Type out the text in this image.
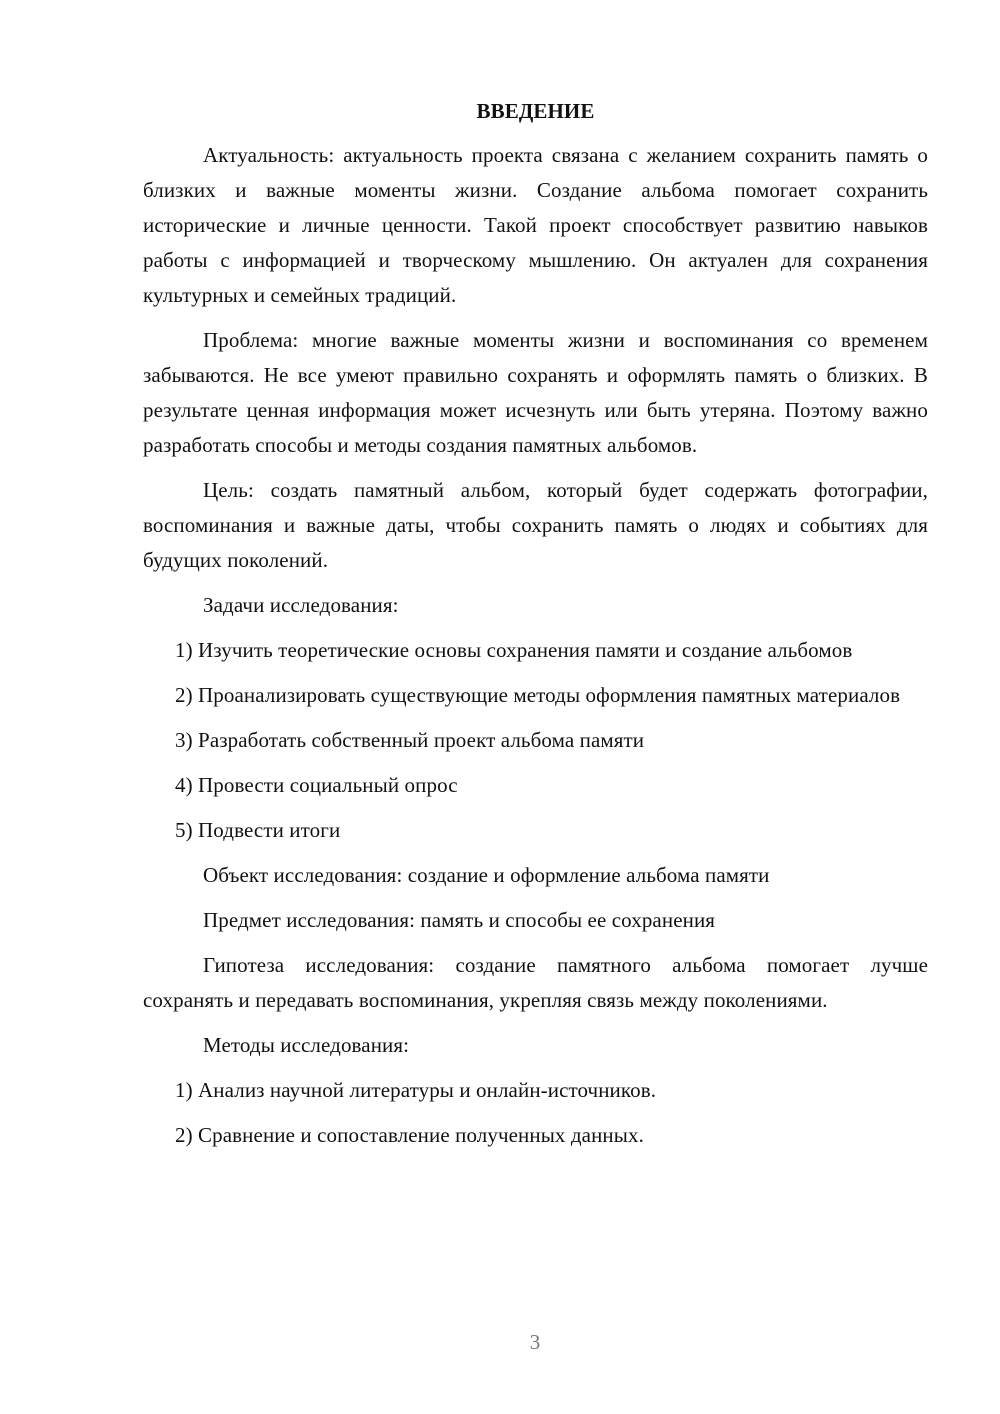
ВВЕДЕНИЕ

Актуальность: актуальность проекта связана с желанием сохранить память о близких и важные моменты жизни. Создание альбома помогает сохранить исторические и личные ценности. Такой проект способствует развитию навыков работы с информацией и творческому мышлению. Он актуален для сохранения культурных и семейных традиций.

Проблема: многие важные моменты жизни и воспоминания со временем забываются. Не все умеют правильно сохранять и оформлять память о близких. В результате ценная информация может исчезнуть или быть утеряна. Поэтому важно разработать способы и методы создания памятных альбомов.

Цель: создать памятный альбом, который будет содержать фотографии, воспоминания и важные даты, чтобы сохранить память о людях и событиях для будущих поколений.

Задачи исследования:

1) Изучить теоретические основы сохранения памяти и создание альбомов

2) Проанализировать существующие методы оформления памятных материалов

3) Разработать собственный проект альбома памяти

4) Провести социальный опрос

5) Подвести итоги

Объект исследования: создание и оформление альбома памяти

Предмет исследования: память и способы ее сохранения

Гипотеза исследования: создание памятного альбома помогает лучше сохранять и передавать воспоминания, укрепляя связь между поколениями.

Методы исследования:

1) Анализ научной литературы и онлайн-источников.

2) Сравнение и сопоставление полученных данных.

3
